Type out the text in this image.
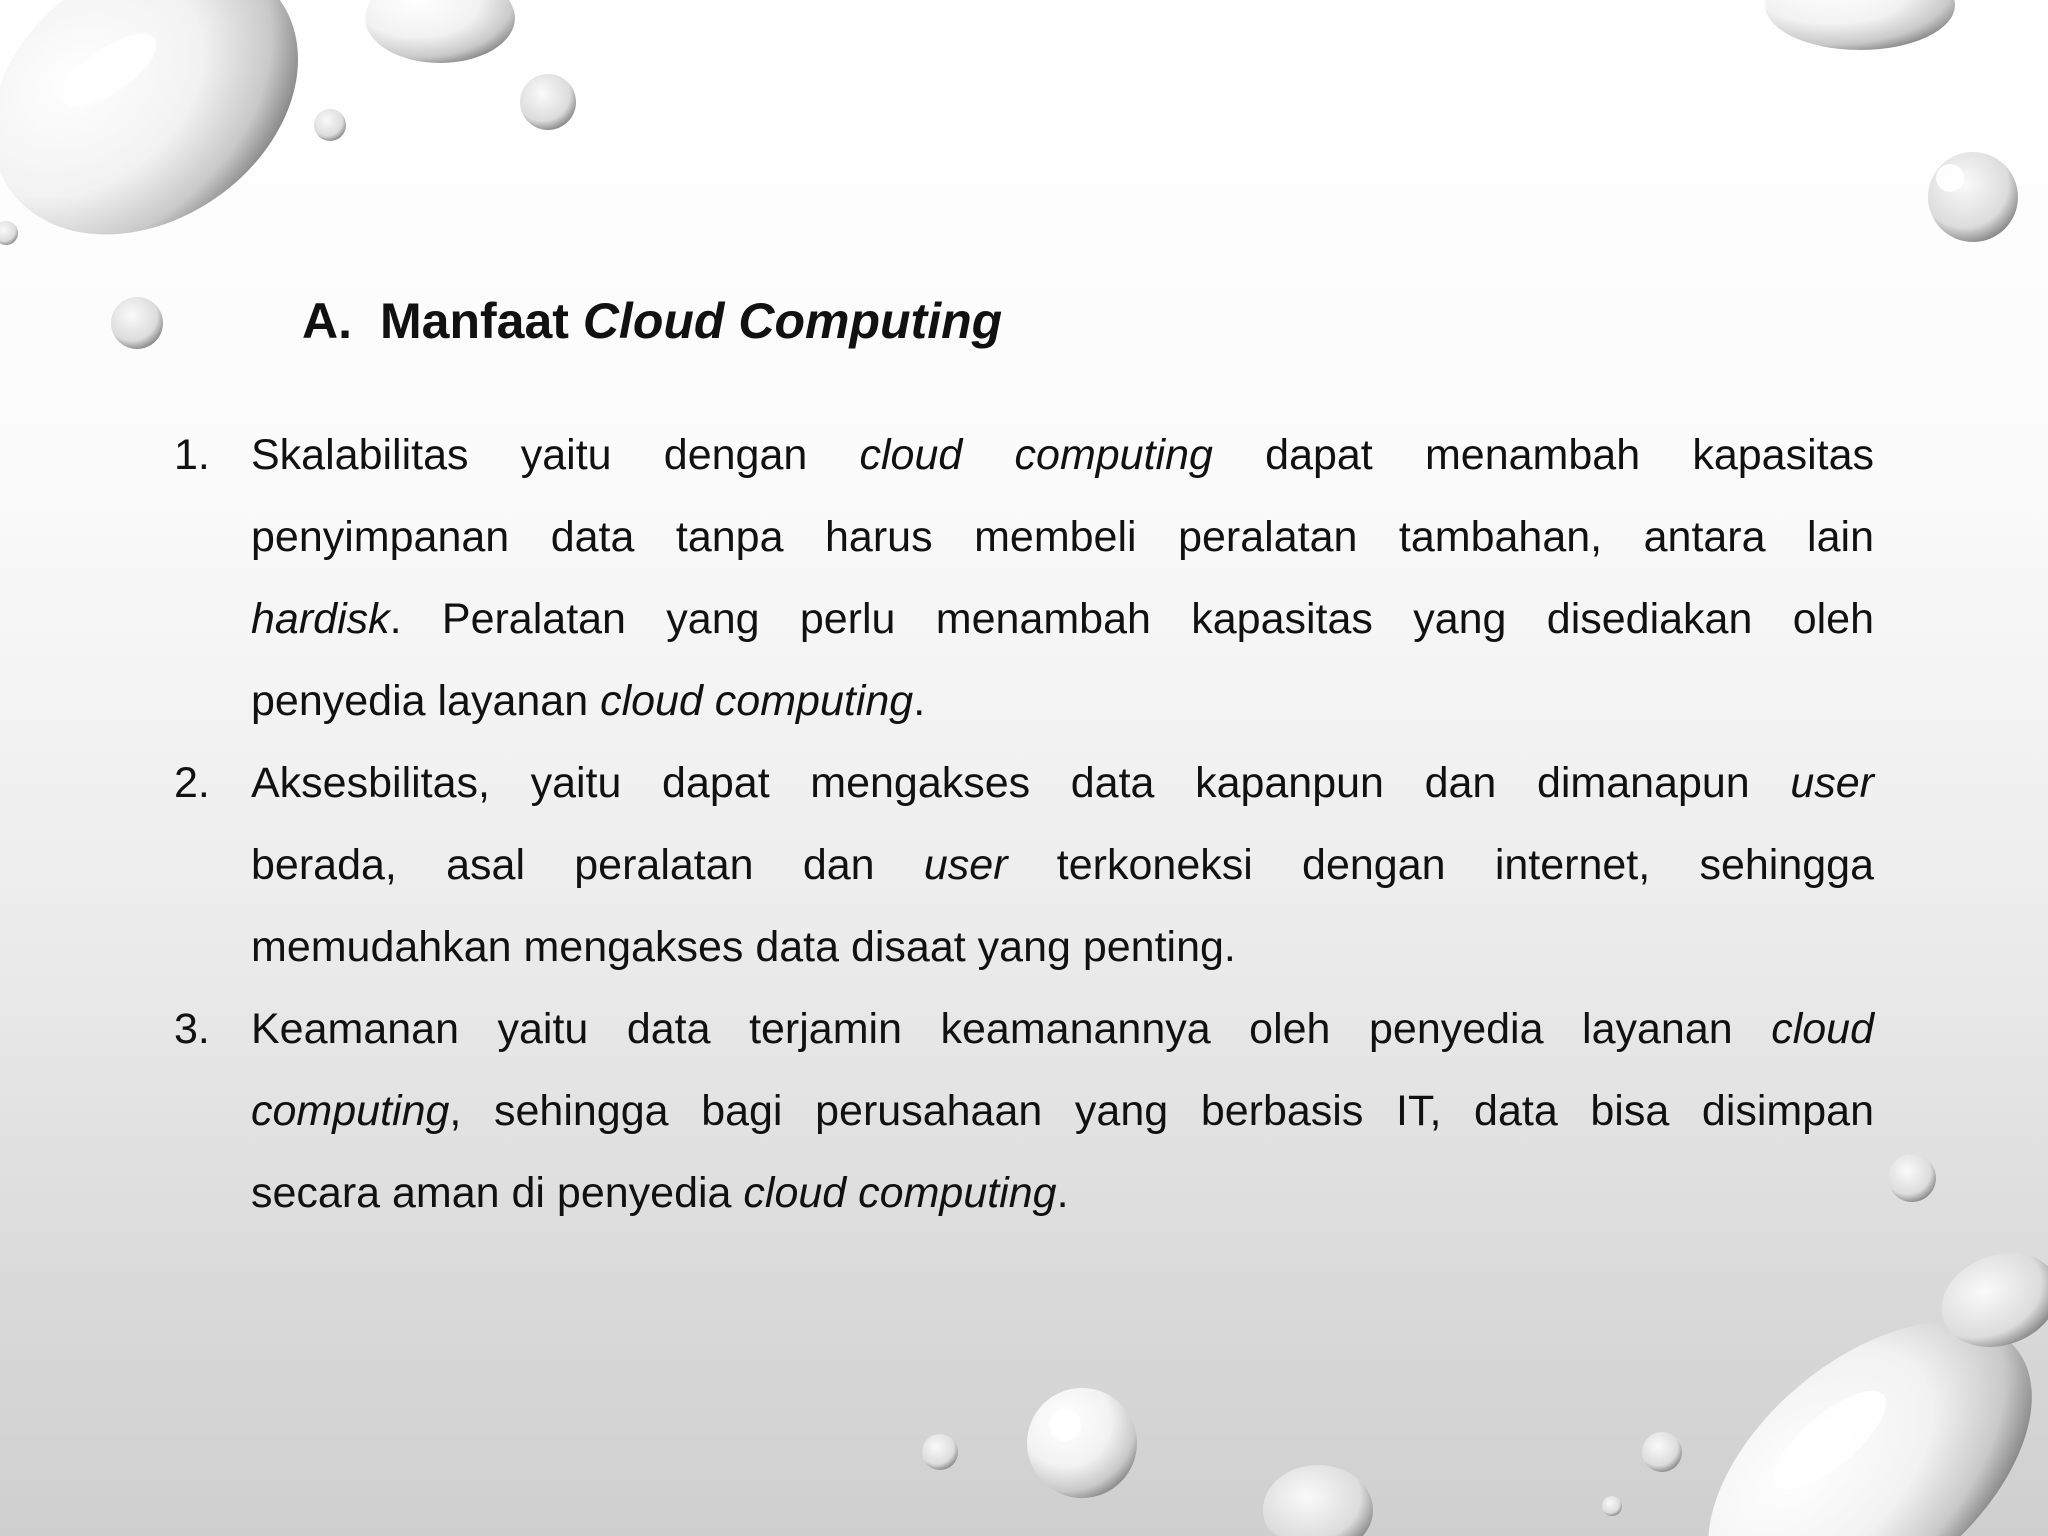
A. Manfaat Cloud Computing
1. Skalabilitas yaitu dengan cloud computing dapat menambah kapasitas
penyimpanan data tanpa harus membeli peralatan tambahan, antara lain
hardisk. Peralatan yang perlu menambah kapasitas yang disediakan oleh
penyedia layanan cloud computing.
2. Aksesbilitas, yaitu dapat mengakses data kapanpun dan dimanapun user
berada, asal peralatan dan user terkoneksi dengan internet, sehingga
memudahkan mengakses data disaat yang penting.
3. Keamanan yaitu data terjamin keamanannya oleh penyedia layanan cloud
computing, sehingga bagi perusahaan yang berbasis IT, data bisa disimpan
secara aman di penyedia cloud computing.
